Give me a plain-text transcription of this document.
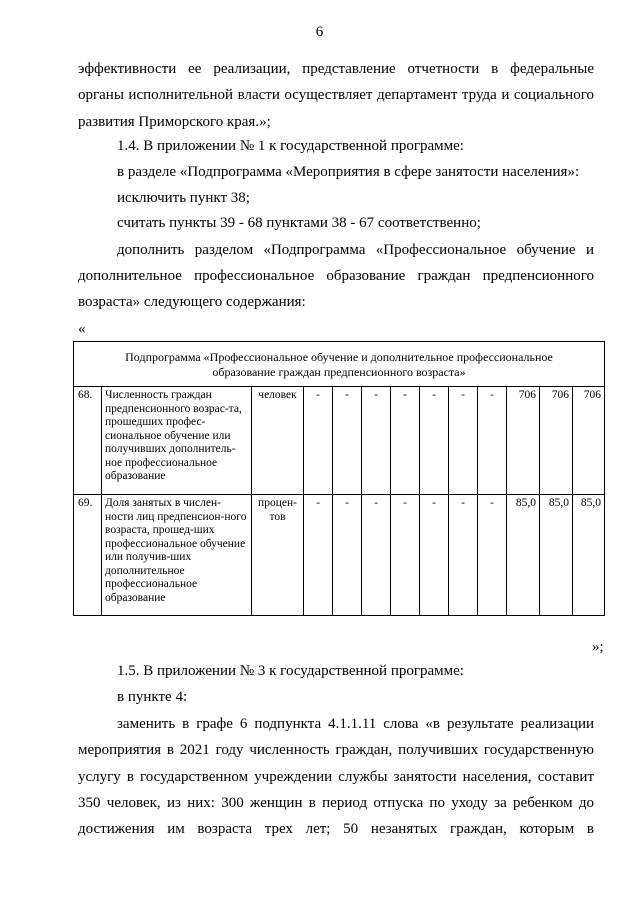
6
эффективности ее реализации, представление отчетности в федеральные
органы исполнительной власти осуществляет департамент труда и социального
развития Приморского края.»;
1.4. В приложении № 1 к государственной программе:
в разделе «Подпрограмма «Мероприятия в сфере занятости населения»:
исключить пункт 38;
считать пункты 39 - 68 пунктами 38 - 67 соответственно;
дополнить разделом «Подпрограмма «Профессиональное обучение и
дополнительное профессиональное образование граждан предпенсионного
возраста» следующего содержания:
«
Подпрограмма «Профессиональное обучение и дополнительное профессиональное образование граждан предпенсионного возраста»												
68.	Численность граждан предпенсионного возрас-та, прошедших профес-сиональное обучение или получивших дополнитель-ное профессиональное образование	человек	-	-	-	-	-	-	-	706	706	706
69.	Доля занятых в числен-ности лиц предпенсион-ного возраста, прошед-ших профессиональное обучение или получив-ших дополнительное профессиональное образование	процен-тов	-	-	-	-	-	-	-	85,0	85,0	85,0
»;
1.5. В приложении № 3 к государственной программе:
в пункте 4:
заменить в графе 6 подпункта 4.1.1.11 слова «в результате реализации
мероприятия в 2021 году численность граждан, получивших государственную
услугу в государственном учреждении службы занятости населения, составит
350 человек, из них: 300 женщин в период отпуска по уходу за ребенком до
достижения им возраста трех лет; 50 незанятых граждан, которым в
